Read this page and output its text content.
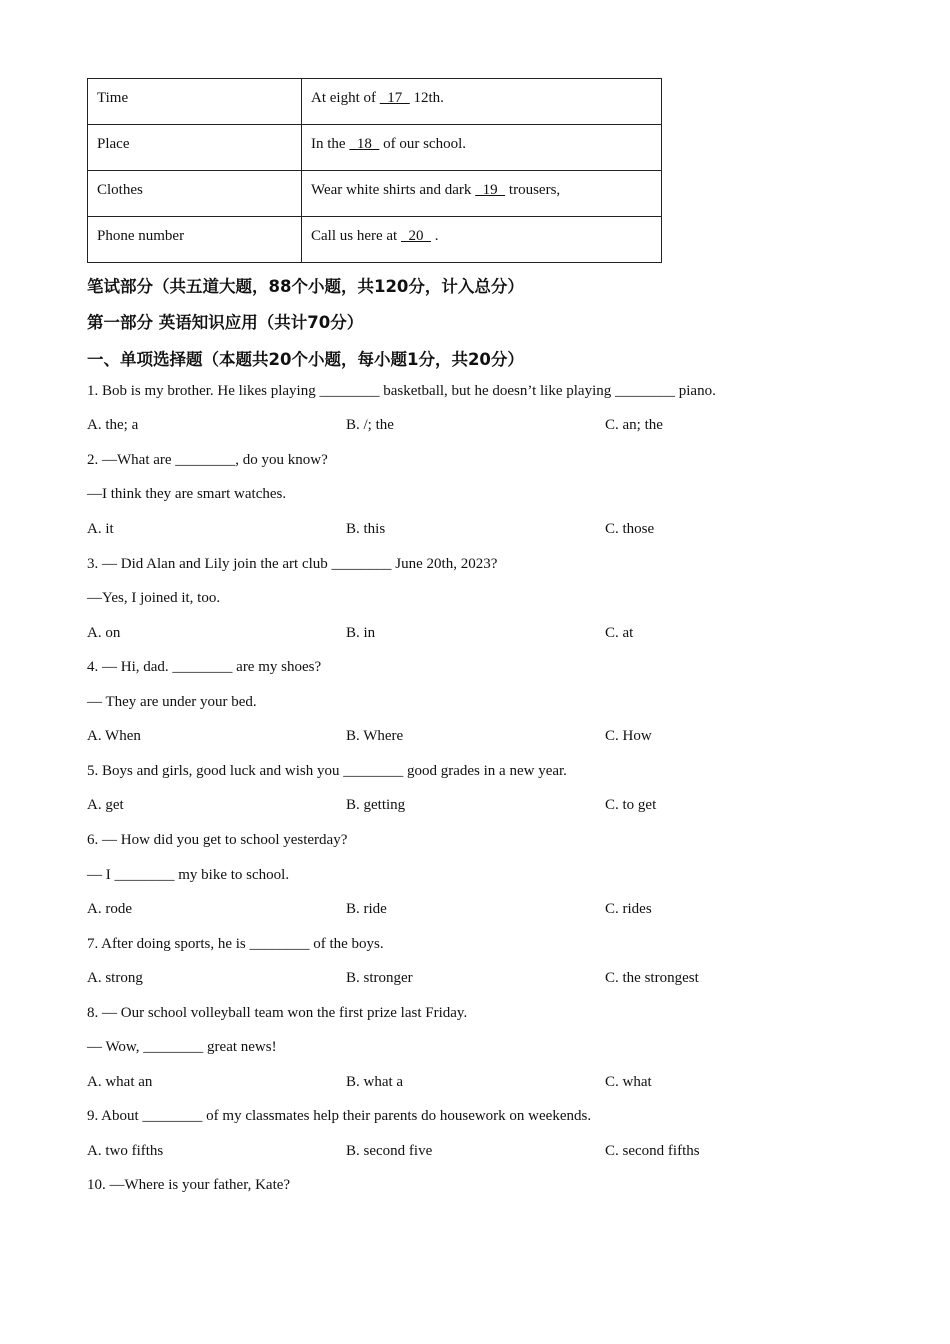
Time	At eight of   17   12th.
Place	In the   18   of our school.
Clothes	Wear white shirts and dark   19   trousers,
Phone number	Call us here at   20   .
笔试部分（共五道大题，88个小题，共120分，计入总分）
第一部分 英语知识应用（共计70分）
一、单项选择题（本题共20个小题，每小题1分，共20分）
1. Bob is my brother. He likes playing ________ basketball, but he doesn’t like playing ________ piano.
A. the; a	B. /; the	C. an; the
2. —What are ________, do you know?
—I think they are smart watches.
A. it	B. this	C. those
3. — Did Alan and Lily join the art club ________ June 20th, 2023?
—Yes, I joined it, too.
A. on	B. in	C. at
4. — Hi, dad. ________ are my shoes?
— They are under your bed.
A. When	B. Where	C. How
5. Boys and girls, good luck and wish you ________ good grades in a new year.
A. get	B. getting	C. to get
6. — How did you get to school yesterday?
— I ________ my bike to school.
A. rode	B. ride	C. rides
7. After doing sports, he is ________ of the boys.
A. strong	B. stronger	C. the strongest
8. — Our school volleyball team won the first prize last Friday.
— Wow, ________ great news!
A. what an	B. what a	C. what
9. About ________ of my classmates help their parents do housework on weekends.
A. two fifths	B. second five	C. second fifths
10. —Where is your father, Kate?
